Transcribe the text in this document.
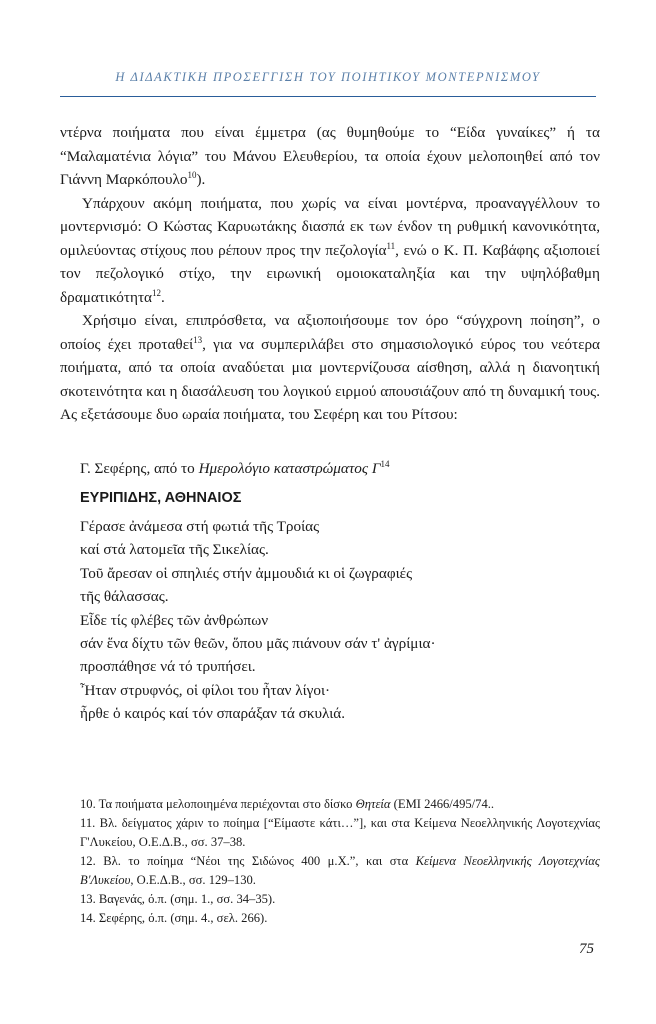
Η ΔΙΔΑΚΤΙΚΗ ΠΡΟΣΕΓΓΙΣΗ ΤΟΥ ΠΟΙΗΤΙΚΟΥ ΜΟΝΤΕΡΝΙΣΜΟΥ

ντέρνα ποιήματα που είναι έμμετρα (ας θυμηθούμε το “Είδα γυναίκες” ή τα “Μαλαματένια λόγια” του Μάνου Ελευθερίου, τα οποία έχουν μελοποιηθεί από τον Γιάννη Μαρκόπουλο$^{10}$).

Υπάρχουν ακόμη ποιήματα, που χωρίς να είναι μοντέρνα, προαναγγέλλουν το μοντερνισμό: Ο Κώστας Καρυωτάκης διασπά εκ των ένδον τη ρυθμική κανονικότητα, ομιλεύοντας στίχους που ρέπουν προς την πεζολογία$^{11}$, ενώ ο Κ. Π. Καβάφης αξιοποιεί τον πεζολογικό στίχο, την ειρωνική ομοιοκαταληξία και την υψηλόβαθμη δραματικότητα$^{12}$.

Χρήσιμο είναι, επιπρόσθετα, να αξιοποιήσουμε τον όρο “σύγχρονη ποίηση”, ο οποίος έχει προταθεί$^{13}$, για να συμπεριλάβει στο σημασιολογικό εύρος του νεότερα ποιήματα, από τα οποία αναδύεται μια μοντερνίζουσα αίσθηση, αλλά η διανοητική σκοτεινότητα και η διασάλευση του λογικού ειρμού απουσιάζουν από τη δυναμική τους. Ας εξετάσουμε δυο ωραία ποιήματα, του Σεφέρη και του Ρίτσου:

Γ. Σεφέρης, από το Ημερολόγιο καταστρώματος $\Gamma^{14}$
ΕΥΡΙΠΙΔΗΣ, ΑΘΗΝΑΙΟΣ
Γέρασε ἀνάμεσα στή φωτιά τῆς Τροίας
καί στά λατομεῖα τῆς Σικελίας.
Τοῦ ἄρεσαν οἱ σπηλιές στήν ἀμμουδιά κι οἱ ζωγραφιές
τῆς θάλασσας.
Εἶδε τίς φλέβες τῶν ἀνθρώπων
σάν ἕνα δίχτυ τῶν θεῶν, ὅπου μᾶς πιάνουν σάν τ' ἀγρίμια·
προσπάθησε νά τό τρυπήσει.
Ἦταν στρυφνός, οἱ φίλοι του ἦταν λίγοι·
ἦρθε ὁ καιρός καί τόν σπαράξαν τά σκυλιά.
10. Τα ποιήματα μελοποιημένα περιέχονται στο δίσκο Θητεία (EMI 2466/495/74..
11. Βλ. δείγματος χάριν το ποίημα [“Είμαστε κάτι…”], και στα Κείμενα Νεοελληνικής Λογοτεχνίας Γ'Λυκείου, Ο.Ε.Δ.Β., σσ. 37–38.
12. Βλ. το ποίημα “Νέοι της Σιδώνος 400 μ.Χ.”, και στα Κείμενα Νεοελληνικής Λογοτεχνίας Β'Λυκείου, Ο.Ε.Δ.Β., σσ. 129–130.
13. Βαγενάς, ό.π. (σημ. 1., σσ. 34–35).
14. Σεφέρης, ό.π. (σημ. 4., σελ. 266).
75
